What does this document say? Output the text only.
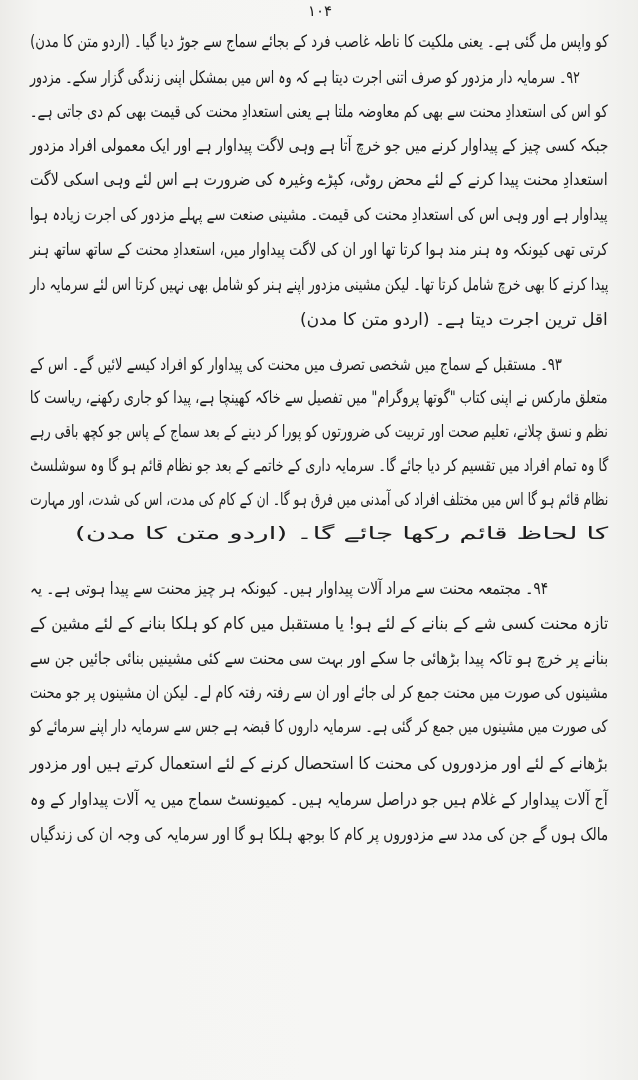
۱۰۴
کو واپس مل گئی ہے۔ یعنی ملکیت کا ناطہ غاصب فرد کے بجائے سماج سے جوڑ دیا گیا۔ (اردو متن کا مدن)
۹۲۔ سرمایہ دار مزدور کو صرف اتنی اجرت دیتا ہے کہ وہ اس میں بمشکل اپنی زندگی گزار سکے۔ مزدور
کو اس کی استعدادِ محنت سے بھی کم معاوضہ ملتا ہے یعنی استعدادِ محنت کی قیمت بھی کم دی جاتی ہے۔
جبکہ کسی چیز کے پیداوار کرنے میں جو خرچ آتا ہے وہی لاگت پیداوار ہے اور ایک معمولی افراد مزدور
استعدادِ محنت پیدا کرنے کے لئے محض روٹی، کپڑے وغیرہ کی ضرورت ہے اس لئے وہی اسکی لاگت
پیداوار ہے اور وہی اس کی استعدادِ محنت کی قیمت۔ مشینی صنعت سے پہلے مزدور کی اجرت زیادہ ہوا
کرتی تھی کیونکہ وہ ہنر مند ہوا کرتا تھا اور ان کی لاگت پیداوار میں، استعدادِ محنت کے ساتھ ساتھ ہنر
پیدا کرنے کا بھی خرچ شامل کرتا تھا۔ لیکن مشینی مزدور اپنے ہنر کو شامل بھی نہیں کرتا اس لئے سرمایہ دار
اقل ترین اجرت دیتا ہے۔ (اردو متن کا مدن)
۹۳۔ مستقبل کے سماج میں شخصی تصرف میں محنت کی پیداوار کو افراد کیسے لائیں گے۔ اس کے
متعلق مارکس نے اپنی کتاب "گوتھا پروگرام" میں تفصیل سے خاکہ کھینچا ہے، پیدا کو جاری رکھنے، ریاست کا
نظم و نسق چلانے، تعلیم صحت اور تربیت کی ضرورتوں کو پورا کر دینے کے بعد سماج کے پاس جو کچھ باقی رہے
گا وہ تمام افراد میں تقسیم کر دیا جائے گا۔ سرمایہ داری کے خاتمے کے بعد جو نظام قائم ہو گا وہ سوشلسٹ
نظام قائم ہو گا اس میں مختلف افراد کی آمدنی میں فرق ہو گا۔ ان کے کام کی مدت، اس کی شدت، اور مہارت
کا لحاظ قائم رکھا جائے گا۔ (اردو متن کا مدن)
۹۴۔ مجتمعہ محنت سے مراد آلات پیداوار ہیں۔ کیونکہ ہر چیز محنت سے پیدا ہوتی ہے۔ یہ
تازہ محنت کسی شے کے بنانے کے لئے ہو! یا مستقبل میں کام کو ہلکا بنانے کے لئے مشین کے
بنانے پر خرچ ہو تاکہ پیدا بڑھائی جا سکے اور بہت سی محنت سے کئی مشینیں بنائی جائیں جن سے
مشینوں کی صورت میں محنت جمع کر لی جائے اور ان سے رفتہ رفتہ کام لے۔ لیکن ان مشینوں پر جو محنت
کی صورت میں مشینوں میں جمع کر گئی ہے۔ سرمایہ داروں کا قبضہ ہے جس سے سرمایہ دار اپنے سرمائے کو
بڑھانے کے لئے اور مزدوروں کی محنت کا استحصال کرنے کے لئے استعمال کرتے ہیں اور مزدور
آج آلات پیداوار کے غلام ہیں جو دراصل سرمایہ ہیں۔ کمیونسٹ سماج میں یہ آلات پیداوار کے وہ
مالک ہوں گے جن کی مدد سے مزدوروں پر کام کا بوجھ ہلکا ہو گا اور سرمایہ کی وجہ ان کی زندگیاں
